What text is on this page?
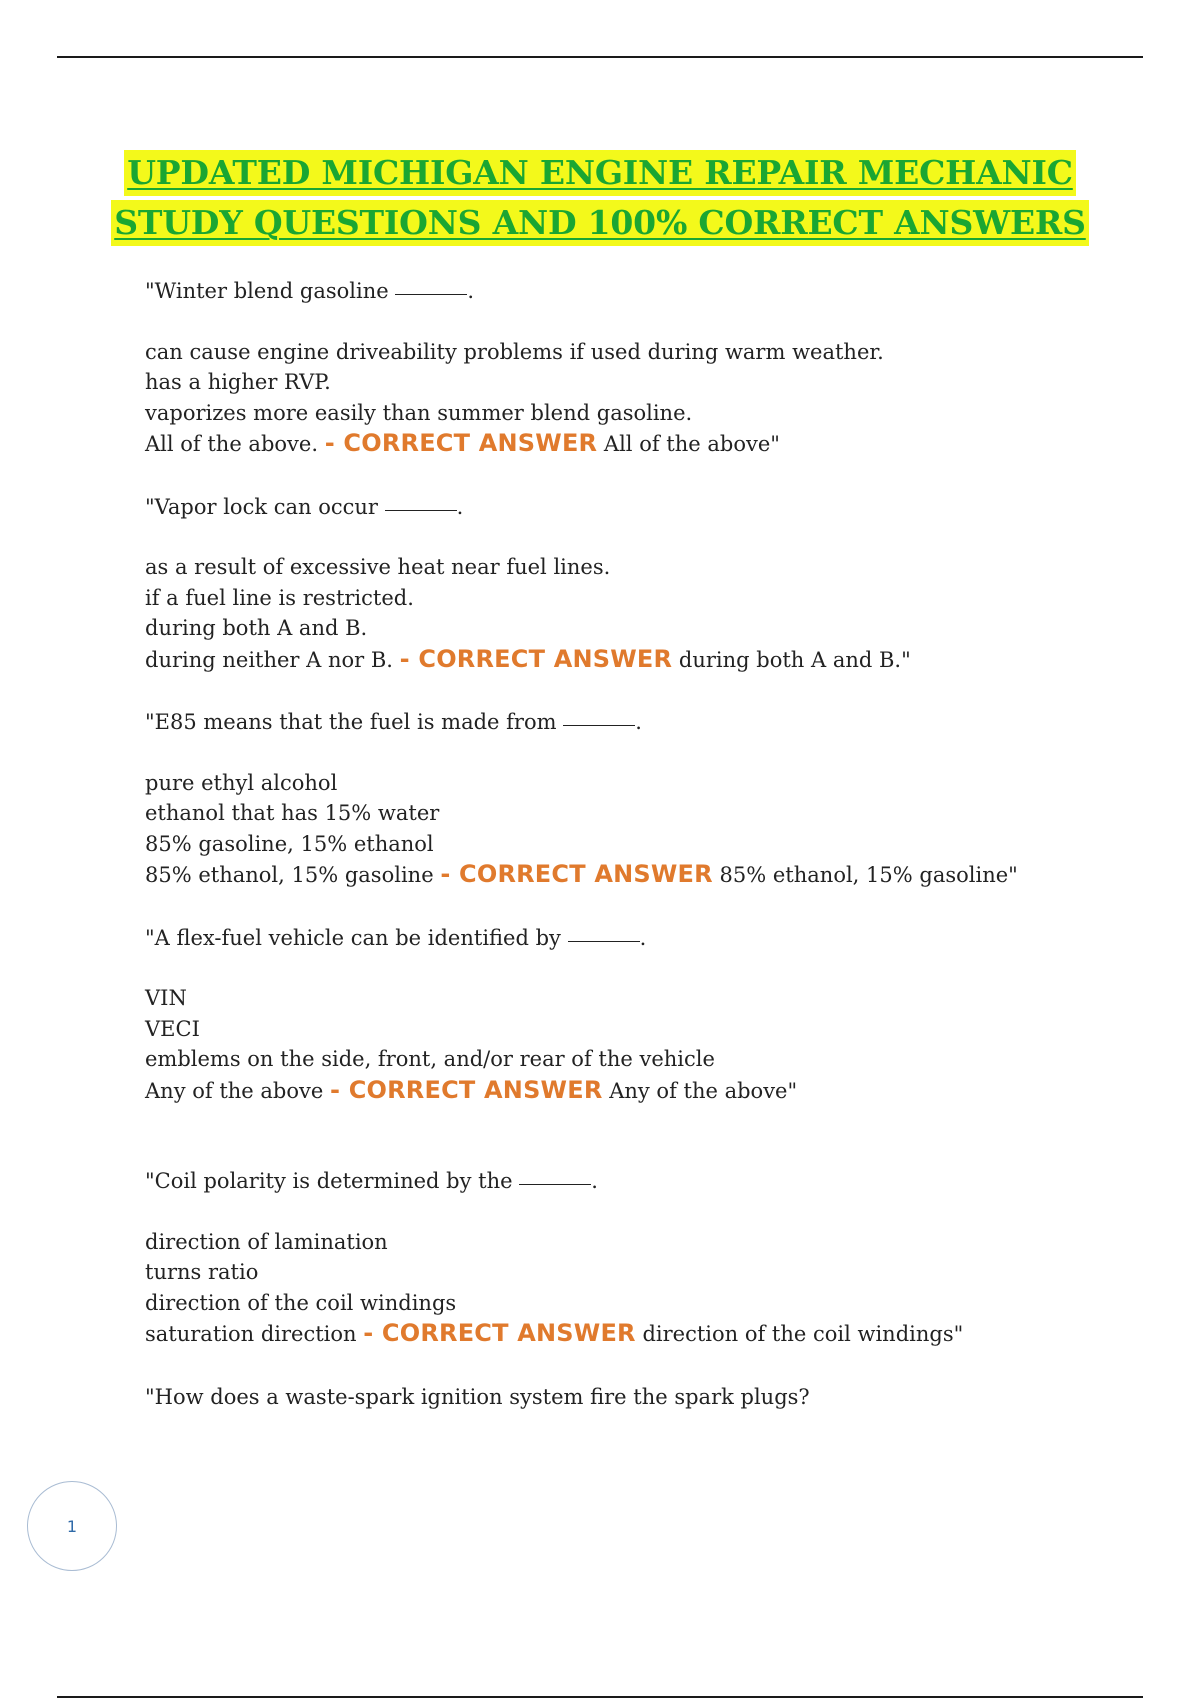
UPDATED MICHIGAN ENGINE REPAIR MECHANIC
STUDY QUESTIONS AND 100% CORRECT ANSWERS
"Winter blend gasoline	.
can cause engine driveability problems if used during warm weather.
has a higher RVP.
vaporizes more easily than summer blend gasoline.
All of the above. - CORRECT ANSWER All of the above"
"Vapor lock can occur	.
as a result of excessive heat near fuel lines.
if a fuel line is restricted.
during both A and B.
during neither A nor B. - CORRECT ANSWER during both A and B."
"E85 means that the fuel is made from	.
pure ethyl alcohol
ethanol that has 15% water
85% gasoline, 15% ethanol
85% ethanol, 15% gasoline - CORRECT ANSWER 85% ethanol, 15% gasoline"
"A flex-fuel vehicle can be identified by	.
VIN
VECI
emblems on the side, front, and/or rear of the vehicle
Any of the above - CORRECT ANSWER Any of the above"
"Coil polarity is determined by the	.
direction of lamination
turns ratio
direction of the coil windings
saturation direction - CORRECT ANSWER direction of the coil windings"
"How does a waste-spark ignition system fire the spark plugs?
1
